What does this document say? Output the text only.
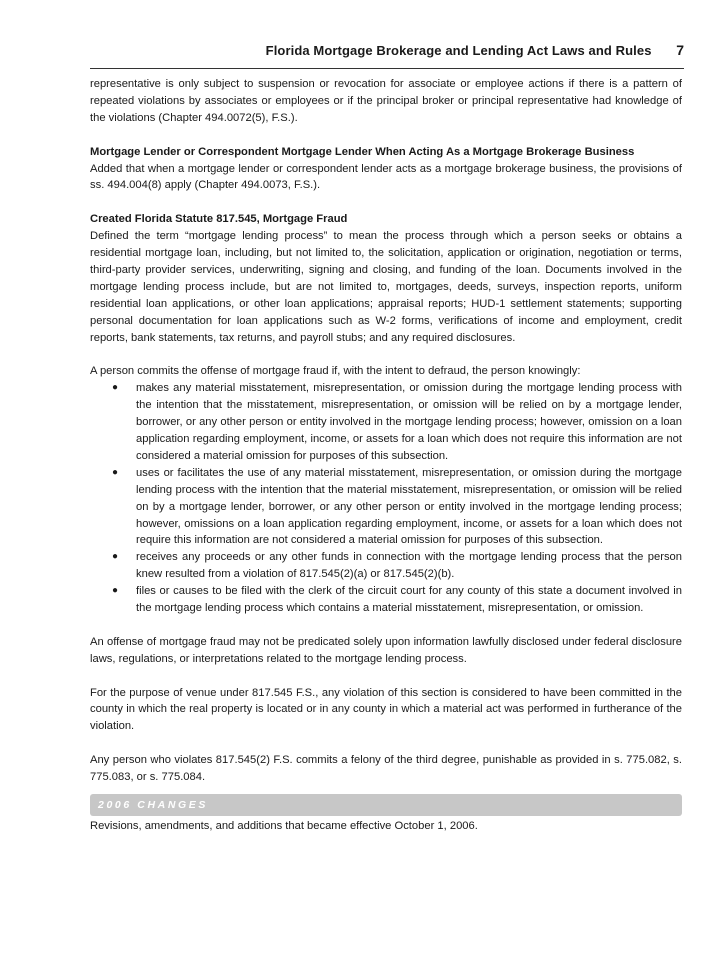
Florida Mortgage Brokerage and Lending Act Laws and Rules 7

representative is only subject to suspension or revocation for associate or employee actions if there is a pattern of repeated violations by associates or employees or if the principal broker or principal representative had knowledge of the violations (Chapter 494.0072(5), F.S.).

Mortgage Lender or Correspondent Mortgage Lender When Acting As a Mortgage Brokerage Business

Added that when a mortgage lender or correspondent lender acts as a mortgage brokerage business, the provisions of ss. 494.004(8) apply (Chapter 494.0073, F.S.).

Created Florida Statute 817.545, Mortgage Fraud

Defined the term “mortgage lending process” to mean the process through which a person seeks or obtains a residential mortgage loan, including, but not limited to, the solicitation, application or origination, negotiation or terms, third-party provider services, underwriting, signing and closing, and funding of the loan. Documents involved in the mortgage lending process include, but are not limited to, mortgages, deeds, surveys, inspection reports, uniform residential loan applications, or other loan applications; appraisal reports; HUD-1 settlement statements; supporting personal documentation for loan applications such as W-2 forms, verifications of income and employment, credit reports, bank statements, tax returns, and payroll stubs; and any required disclosures.

A person commits the offense of mortgage fraud if, with the intent to defraud, the person knowingly:

● makes any material misstatement, misrepresentation, or omission during the mortgage lending process with the intention that the misstatement, misrepresentation, or omission will be relied on by a mortgage lender, borrower, or any other person or entity involved in the mortgage lending process; however, omission on a loan application regarding employment, income, or assets for a loan which does not require this information are not considered a material omission for purposes of this subsection.
● uses or facilitates the use of any material misstatement, misrepresentation, or omission during the mortgage lending process with the intention that the material misstatement, misrepresentation, or omission will be relied on by a mortgage lender, borrower, or any other person or entity involved in the mortgage lending process; however, omissions on a loan application regarding employment, income, or assets for a loan which does not require this information are not considered a material omission for purposes of this subsection.
● receives any proceeds or any other funds in connection with the mortgage lending process that the person knew resulted from a violation of 817.545(2)(a) or 817.545(2)(b).
● files or causes to be filed with the clerk of the circuit court for any county of this state a document involved in the mortgage lending process which contains a material misstatement, misrepresentation, or omission.

An offense of mortgage fraud may not be predicated solely upon information lawfully disclosed under federal disclosure laws, regulations, or interpretations related to the mortgage lending process.

For the purpose of venue under 817.545 F.S., any violation of this section is considered to have been committed in the county in which the real property is located or in any county in which a material act was performed in furtherance of the violation.

Any person who violates 817.545(2) F.S. commits a felony of the third degree, punishable as provided in s. 775.082, s. 775.083, or s. 775.084.

2006 CHANGES

Revisions, amendments, and additions that became effective October 1, 2006.
